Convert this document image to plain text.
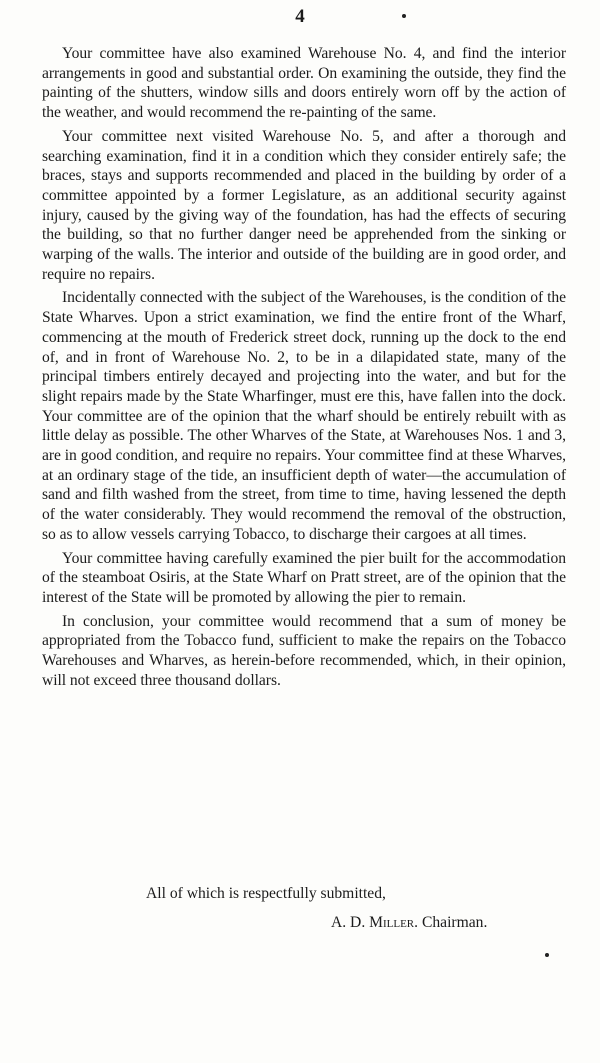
4

Your committee have also examined Warehouse No. 4, and find the interior arrangements in good and substantial order. On examining the outside, they find the painting of the shutters, window sills and doors entirely worn off by the action of the weather, and would recommend the re-painting of the same.

Your committee next visited Warehouse No. 5, and after a thorough and searching examination, find it in a condition which they consider entirely safe; the braces, stays and supports recommended and placed in the building by order of a committee appointed by a former Legislature, as an additional security against injury, caused by the giving way of the foundation, has had the effects of securing the building, so that no further danger need be apprehended from the sinking or warping of the walls. The interior and outside of the building are in good order, and require no repairs.

Incidentally connected with the subject of the Warehouses, is the condition of the State Wharves. Upon a strict examination, we find the entire front of the Wharf, commencing at the mouth of Frederick street dock, running up the dock to the end of, and in front of Warehouse No. 2, to be in a dilapidated state, many of the principal timbers entirely decayed and projecting into the water, and but for the slight repairs made by the State Wharfinger, must ere this, have fallen into the dock. Your committee are of the opinion that the wharf should be entirely rebuilt with as little delay as possible. The other Wharves of the State, at Warehouses Nos. 1 and 3, are in good condition, and require no repairs. Your committee find at these Wharves, at an ordinary stage of the tide, an insufficient depth of water—the accumulation of sand and filth washed from the street, from time to time, having lessened the depth of the water considerably. They would recommend the removal of the obstruction, so as to allow vessels carrying Tobacco, to discharge their cargoes at all times.

Your committee having carefully examined the pier built for the accommodation of the steamboat Osiris, at the State Wharf on Pratt street, are of the opinion that the interest of the State will be promoted by allowing the pier to remain.

In conclusion, your committee would recommend that a sum of money be appropriated from the Tobacco fund, sufficient to make the repairs on the Tobacco Warehouses and Wharves, as herein-before recommended, which, in their opinion, will not exceed three thousand dollars.

All of which is respectfully submitted,
A. D. Miller. Chairman.
